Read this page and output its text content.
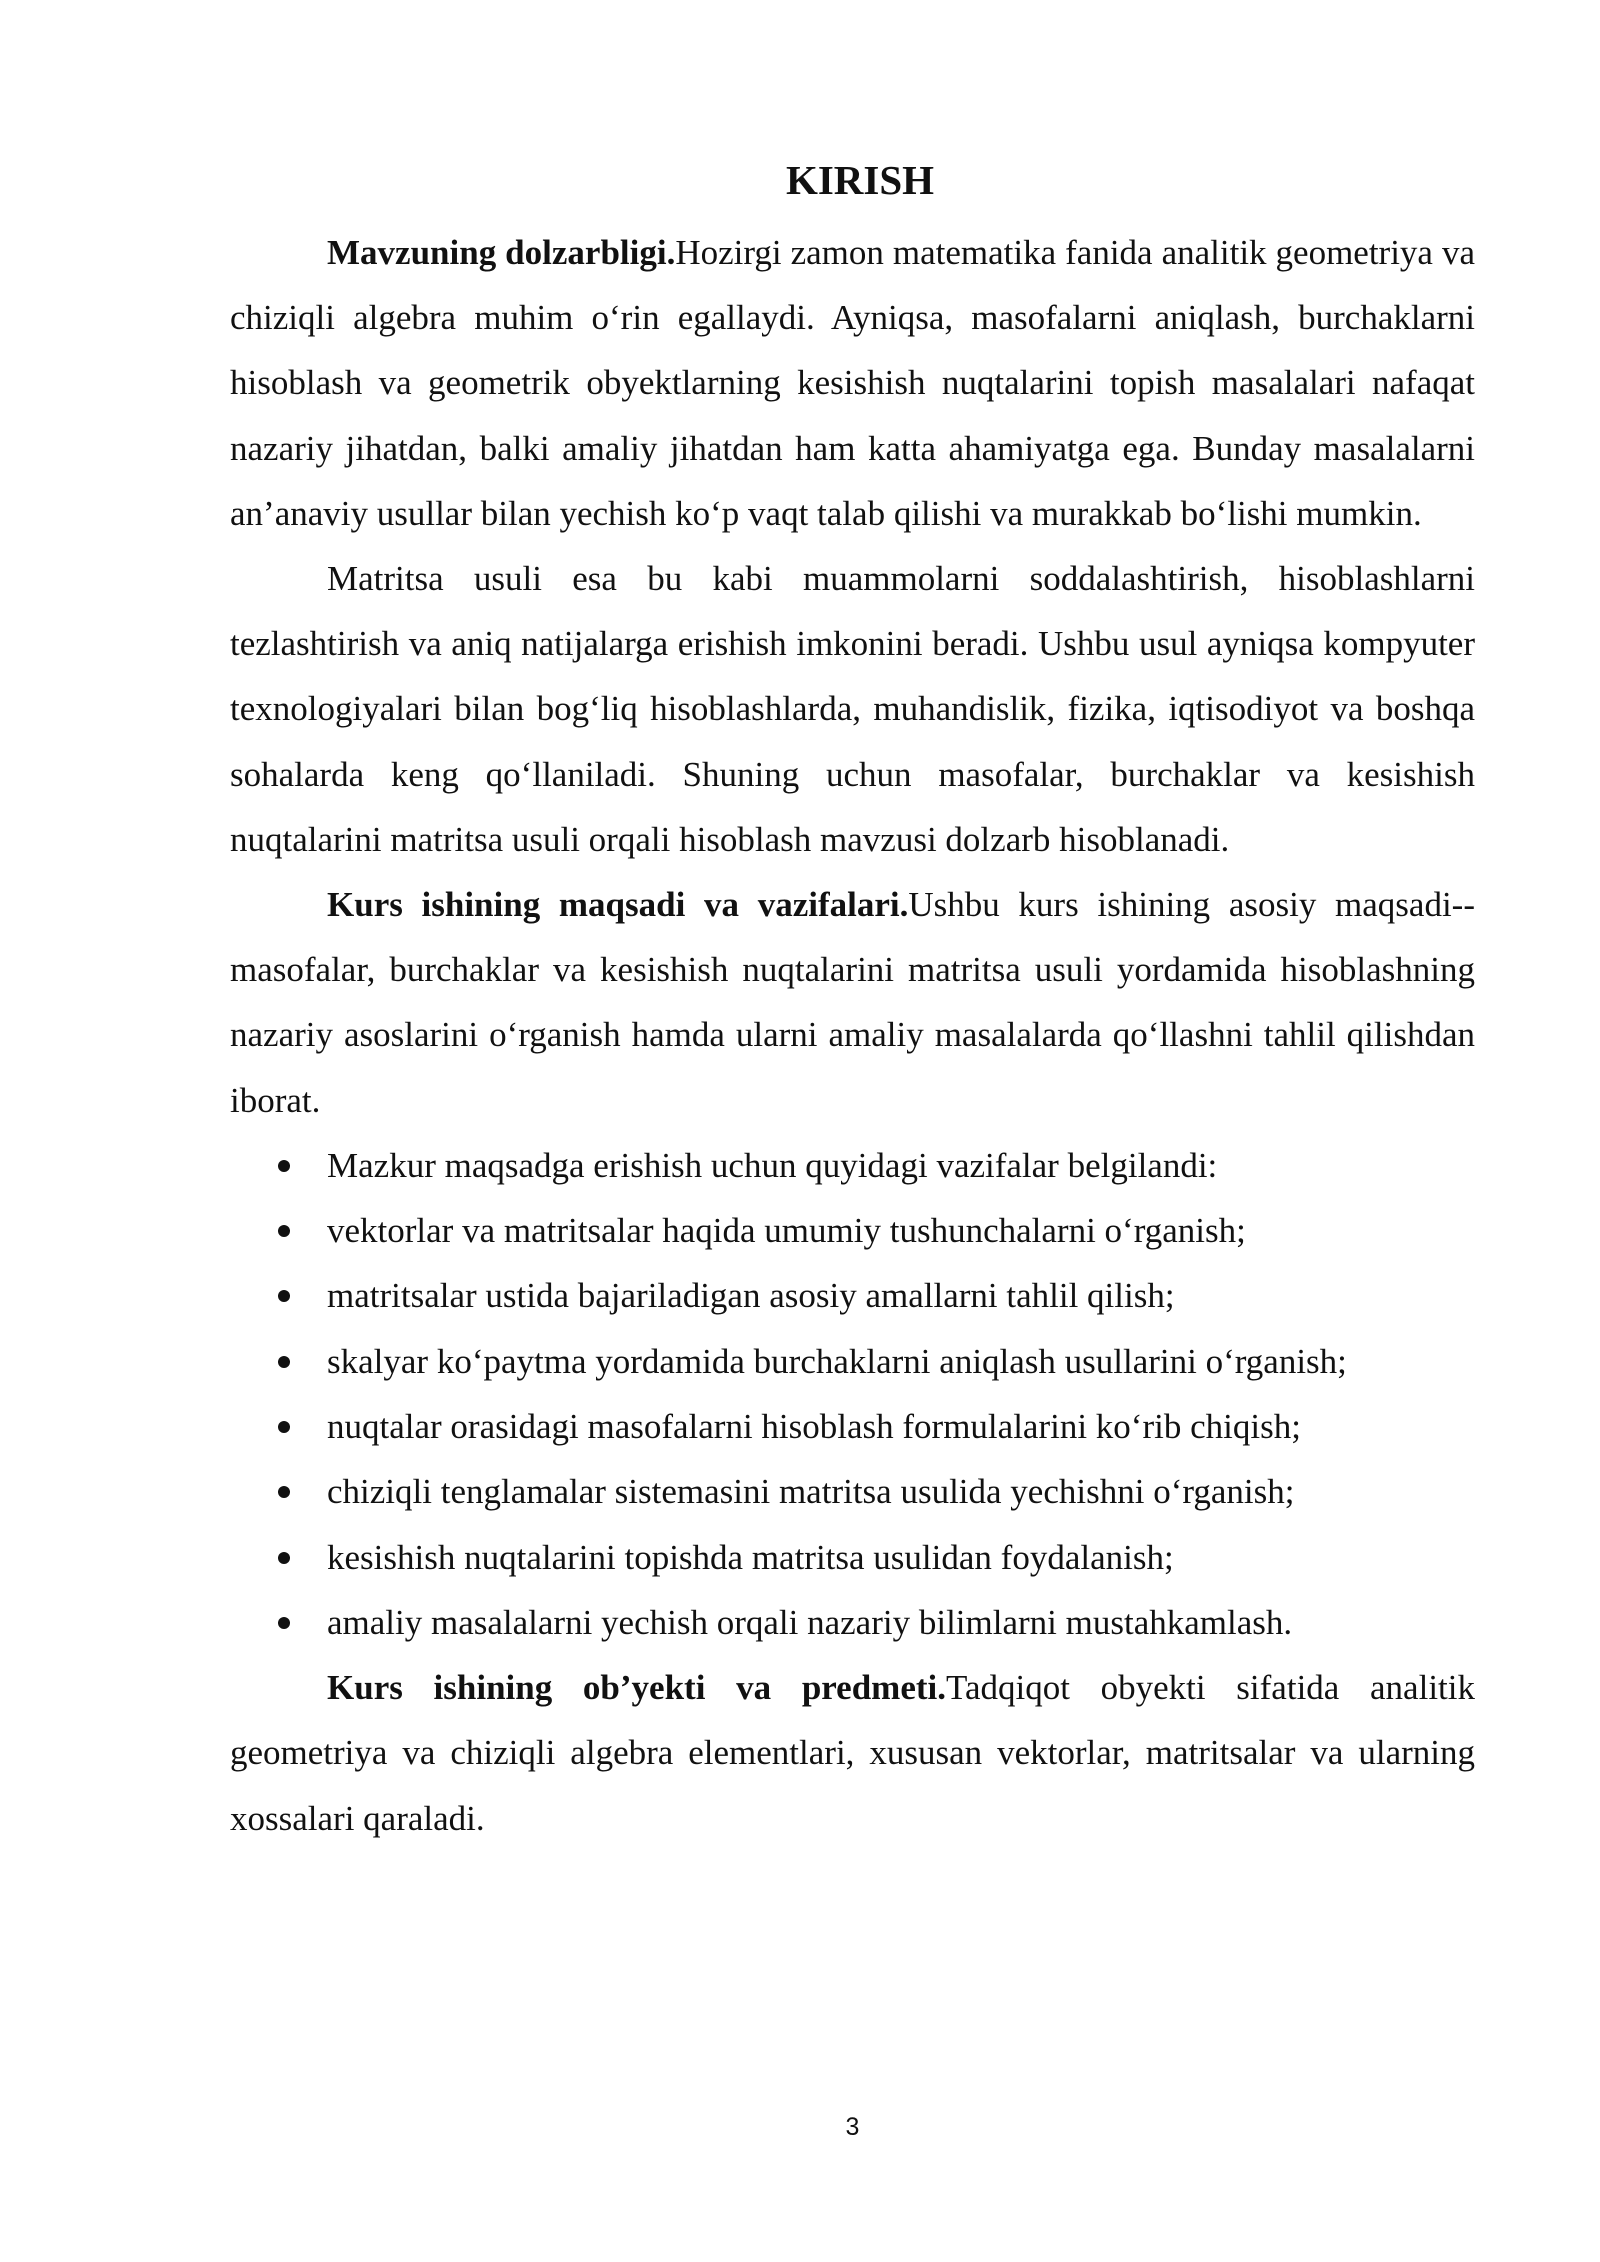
KIRISH

Mavzuning dolzarbligi.Hozirgi zamon matematika fanida analitik geometriya va chiziqli algebra muhim o‘rin egallaydi. Ayniqsa, masofalarni aniqlash, burchaklarni hisoblash va geometrik obyektlarning kesishish nuqtalarini topish masalalari nafaqat nazariy jihatdan, balki amaliy jihatdan ham katta ahamiyatga ega. Bunday masalalarni an’anaviy usullar bilan yechish ko‘p vaqt talab qilishi va murakkab bo‘lishi mumkin.

Matritsa usuli esa bu kabi muammolarni soddalashtirish, hisoblashlarni tezlashtirish va aniq natijalarga erishish imkonini beradi. Ushbu usul ayniqsa kompyuter texnologiyalari bilan bog‘liq hisoblashlarda, muhandislik, fizika, iqtisodiyot va boshqa sohalarda keng qo‘llaniladi. Shuning uchun masofalar, burchaklar va kesishish nuqtalarini matritsa usuli orqali hisoblash mavzusi dolzarb hisoblanadi.

Kurs ishining maqsadi va vazifalari.Ushbu kurs ishining asosiy maqsadi--masofalar, burchaklar va kesishish nuqtalarini matritsa usuli yordamida hisoblashning nazariy asoslarini o‘rganish hamda ularni amaliy masalalarda qo‘llashni tahlil qilishdan iborat.

Mazkur maqsadga erishish uchun quyidagi vazifalar belgilandi:
vektorlar va matritsalar haqida umumiy tushunchalarni o‘rganish;
matritsalar ustida bajariladigan asosiy amallarni tahlil qilish;
skalyar ko‘paytma yordamida burchaklarni aniqlash usullarini o‘rganish;
nuqtalar orasidagi masofalarni hisoblash formulalarini ko‘rib chiqish;
chiziqli tenglamalar sistemasini matritsa usulida yechishni o‘rganish;
kesishish nuqtalarini topishda matritsa usulidan foydalanish;
amaliy masalalarni yechish orqali nazariy bilimlarni mustahkamlash.

Kurs ishining ob’yekti va predmeti.Tadqiqot obyekti sifatida analitik geometriya va chiziqli algebra elementlari, xususan vektorlar, matritsalar va ularning xossalari qaraladi.

3
